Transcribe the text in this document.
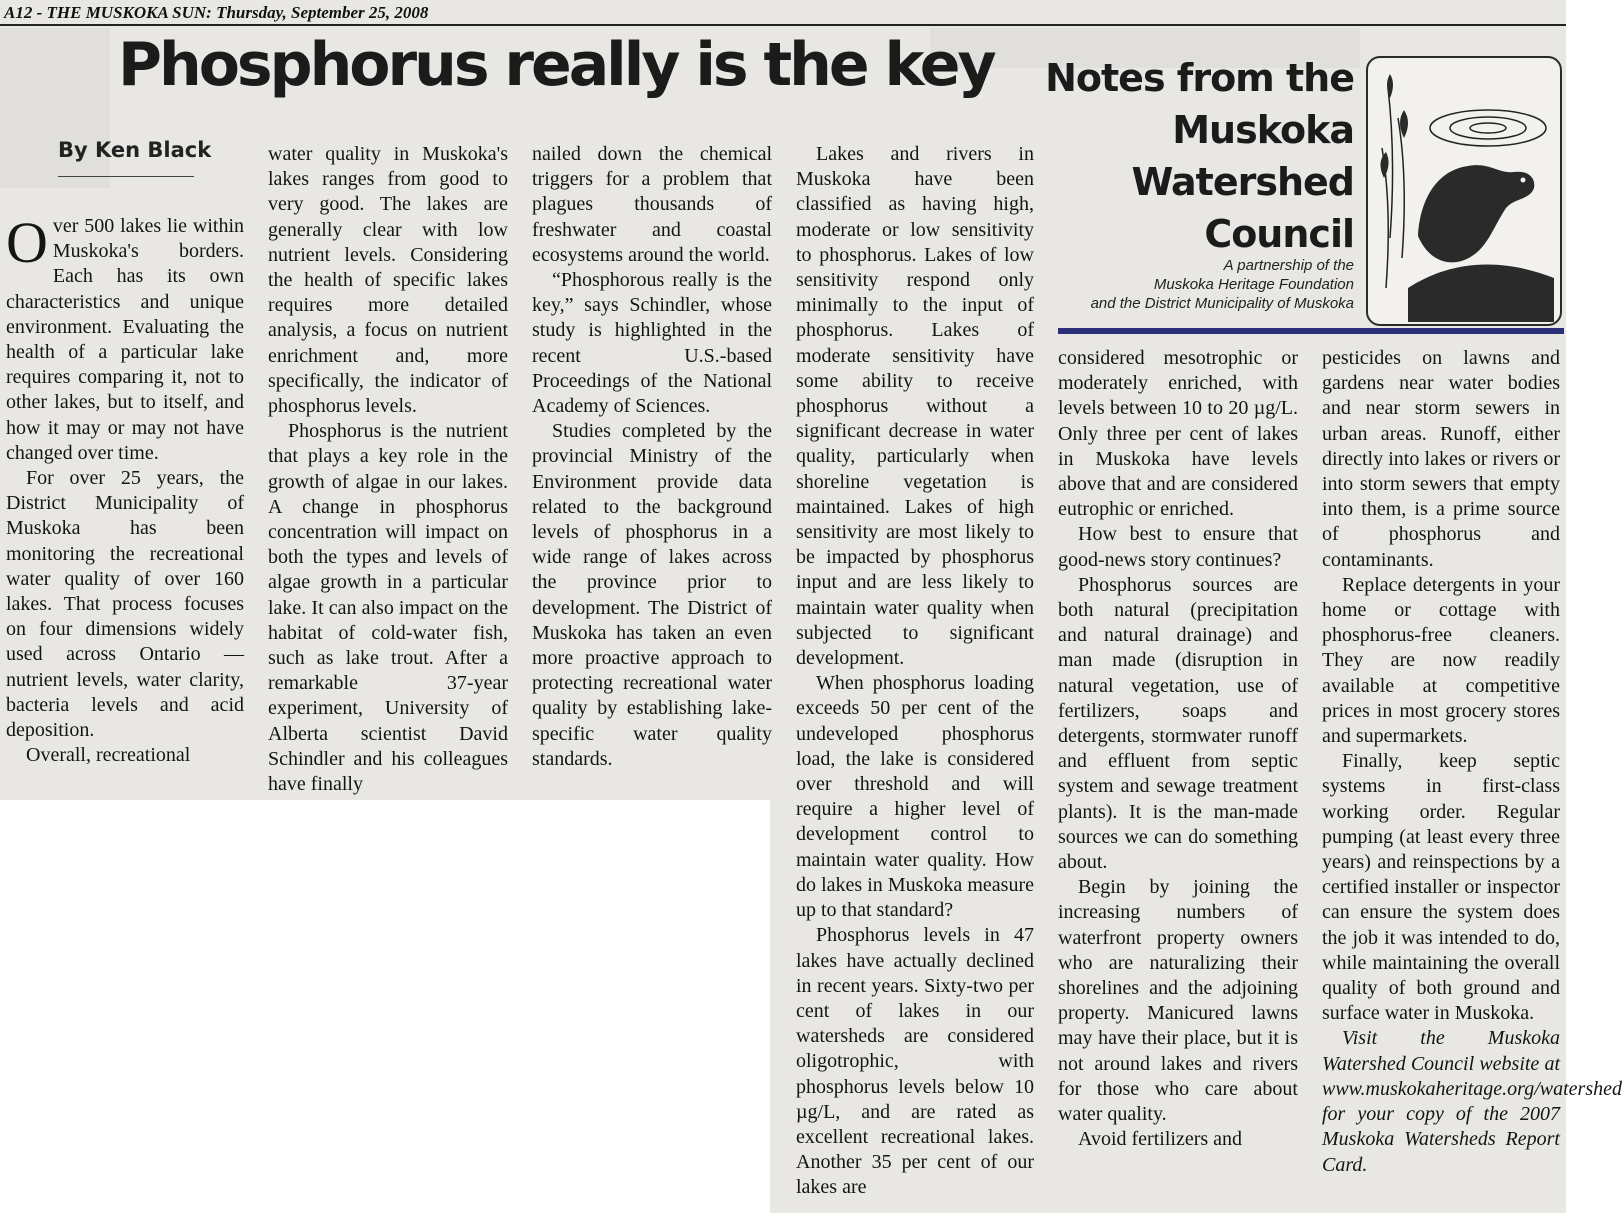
A12 - THE MUSKOKA SUN: Thursday, September 25, 2008
Phosphorus really is the key
By Ken Black
Notes from the
Muskoka
Watershed
Council
A partnership of the
Muskoka Heritage Foundation
and the District Municipality of Muskoka

Over 500 lakes lie within Muskoka's borders. Each has its own characteristics and unique environment. Evaluating the health of a particular lake requires comparing it, not to other lakes, but to itself, and how it may or may not have changed over time.

For over 25 years, the District Municipality of Muskoka has been monitoring the recreational water quality of over 160 lakes. That process focuses on four dimensions widely used across Ontario — nutrient levels, water clarity, bacteria levels and acid deposition.

Overall, recreational

water quality in Muskoka's lakes ranges from good to very good. The lakes are generally clear with low nutrient levels. Considering the health of specific lakes requires more detailed analysis, a focus on nutrient enrichment and, more specifically, the indicator of phosphorus levels.

Phosphorus is the nutrient that plays a key role in the growth of algae in our lakes. A change in phosphorus concentration will impact on both the types and levels of algae growth in a particular lake. It can also impact on the habitat of cold-water fish, such as lake trout. After a remarkable 37-year experiment, University of Alberta scientist David Schindler and his colleagues have finally

nailed down the chemical triggers for a problem that plagues thousands of freshwater and coastal ecosystems around the world.

“Phosphorous really is the key,” says Schindler, whose study is highlighted in the recent U.S.-based Proceedings of the National Academy of Sciences.

Studies completed by the provincial Ministry of the Environment provide data related to the background levels of phosphorus in a wide range of lakes across the province prior to development. The District of Muskoka has taken an even more proactive approach to protecting recreational water quality by establishing lake-specific water quality standards.

Lakes and rivers in Muskoka have been classified as having high, moderate or low sensitivity to phosphorus. Lakes of low sensitivity respond only minimally to the input of phosphorus. Lakes of moderate sensitivity have some ability to receive phosphorus without a significant decrease in water quality, particularly when shoreline vegetation is maintained. Lakes of high sensitivity are most likely to be impacted by phosphorus input and are less likely to maintain water quality when subjected to significant development.

When phosphorus loading exceeds 50 per cent of the undeveloped phosphorus load, the lake is considered over threshold and will require a higher level of development control to maintain water quality. How do lakes in Muskoka measure up to that standard?

Phosphorus levels in 47 lakes have actually declined in recent years. Sixty-two per cent of lakes in our watersheds are considered oligotrophic, with phosphorus levels below 10 µg/L, and are rated as excellent recreational lakes. Another 35 per cent of our lakes are

considered mesotrophic or moderately enriched, with levels between 10 to 20 µg/L. Only three per cent of lakes in Muskoka have levels above that and are considered eutrophic or enriched.

How best to ensure that good-news story continues?

Phosphorus sources are both natural (precipitation and natural drainage) and man made (disruption in natural vegetation, use of fertilizers, soaps and detergents, stormwater runoff and effluent from septic system and sewage treatment plants). It is the man-made sources we can do something about.

Begin by joining the increasing numbers of waterfront property owners who are naturalizing their shorelines and the adjoining property. Manicured lawns may have their place, but it is not around lakes and rivers for those who care about water quality.

Avoid fertilizers and

pesticides on lawns and gardens near water bodies and near storm sewers in urban areas. Runoff, either directly into lakes or rivers or into storm sewers that empty into them, is a prime source of phosphorus and contaminants.

Replace detergents in your home or cottage with phosphorus-free cleaners. They are now readily available at competitive prices in most grocery stores and supermarkets.

Finally, keep septic systems in first-class working order. Regular pumping (at least every three years) and reinspections by a certified installer or inspector can ensure the system does the job it was intended to do, while maintaining the overall quality of both ground and surface water in Muskoka.

Visit the Muskoka Watershed Council website at www.muskokaheritage.org/watershed for your copy of the 2007 Muskoka Watersheds Report Card.
